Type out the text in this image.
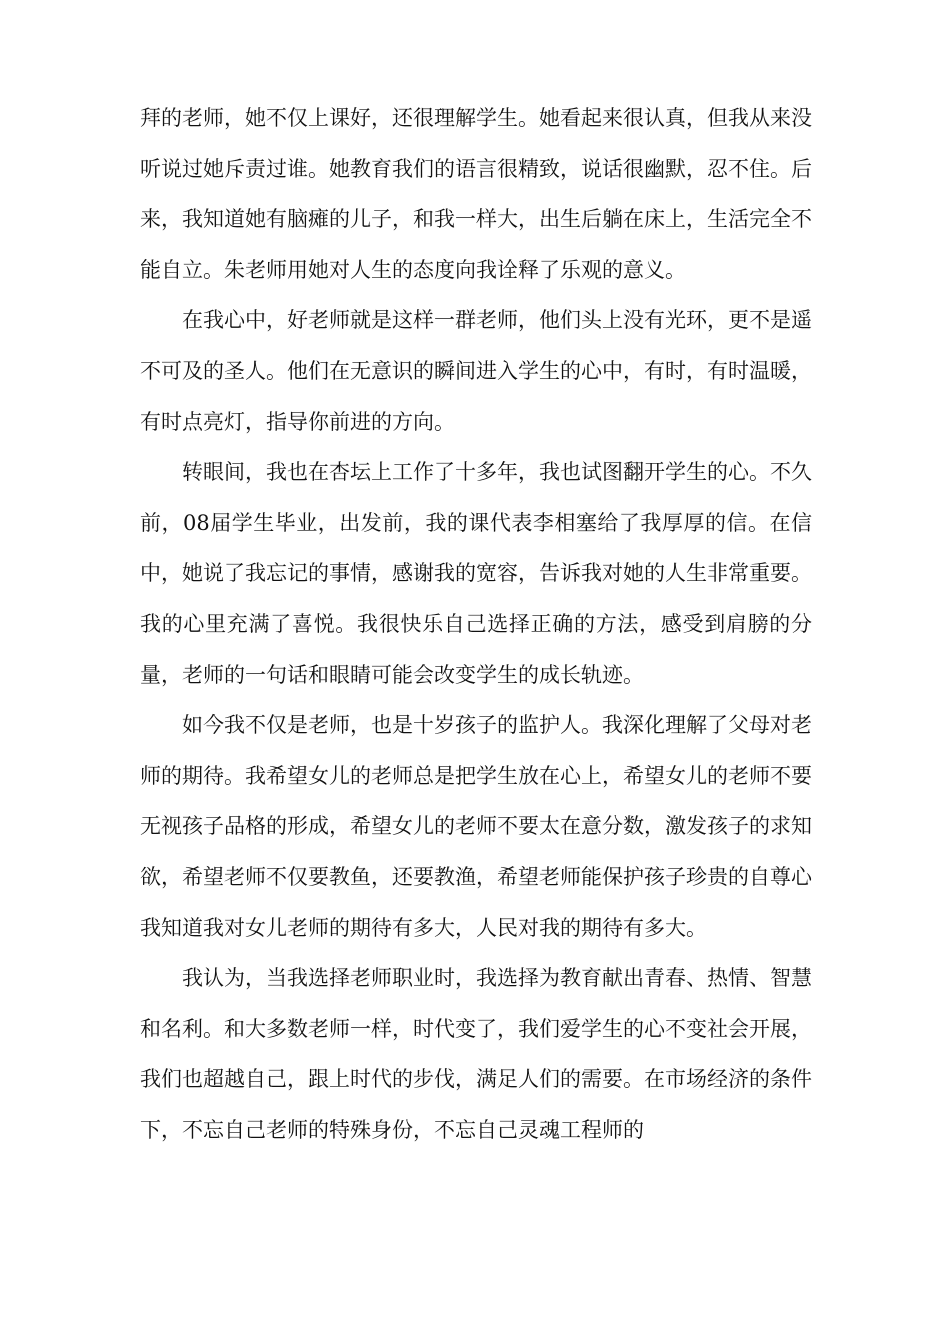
拜的老师，她不仅上课好，还很理解学生。她看起来很认真，但我从来没听说过她斥责过谁。她教育我们的语言很精致，说话很幽默，忍不住。后来，我知道她有脑瘫的儿子，和我一样大，出生后躺在床上，生活完全不能自立。朱老师用她对人生的态度向我诠释了乐观的意义。

在我心中，好老师就是这样一群老师，他们头上没有光环，更不是遥不可及的圣人。他们在无意识的瞬间进入学生的心中，有时，有时温暖，有时点亮灯，指导你前进的方向。

转眼间，我也在杏坛上工作了十多年，我也试图翻开学生的心。不久前，08届学生毕业，出发前，我的课代表李相塞给了我厚厚的信。在信中，她说了我忘记的事情，感谢我的宽容，告诉我对她的人生非常重要。我的心里充满了喜悦。我很快乐自己选择正确的方法，感受到肩膀的分量，老师的一句话和眼睛可能会改变学生的成长轨迹。

如今我不仅是老师，也是十岁孩子的监护人。我深化理解了父母对老师的期待。我希望女儿的老师总是把学生放在心上，希望女儿的老师不要无视孩子品格的形成，希望女儿的老师不要太在意分数，激发孩子的求知欲，希望老师不仅要教鱼，还要教渔，希望老师能保护孩子珍贵的自尊心我知道我对女儿老师的期待有多大，人民对我的期待有多大。

我认为，当我选择老师职业时，我选择为教育献出青春、热情、智慧和名利。和大多数老师一样，时代变了，我们爱学生的心不变社会开展，我们也超越自己，跟上时代的步伐，满足人们的需要。在市场经济的条件下，不忘自己老师的特殊身份，不忘自己灵魂工程师的
